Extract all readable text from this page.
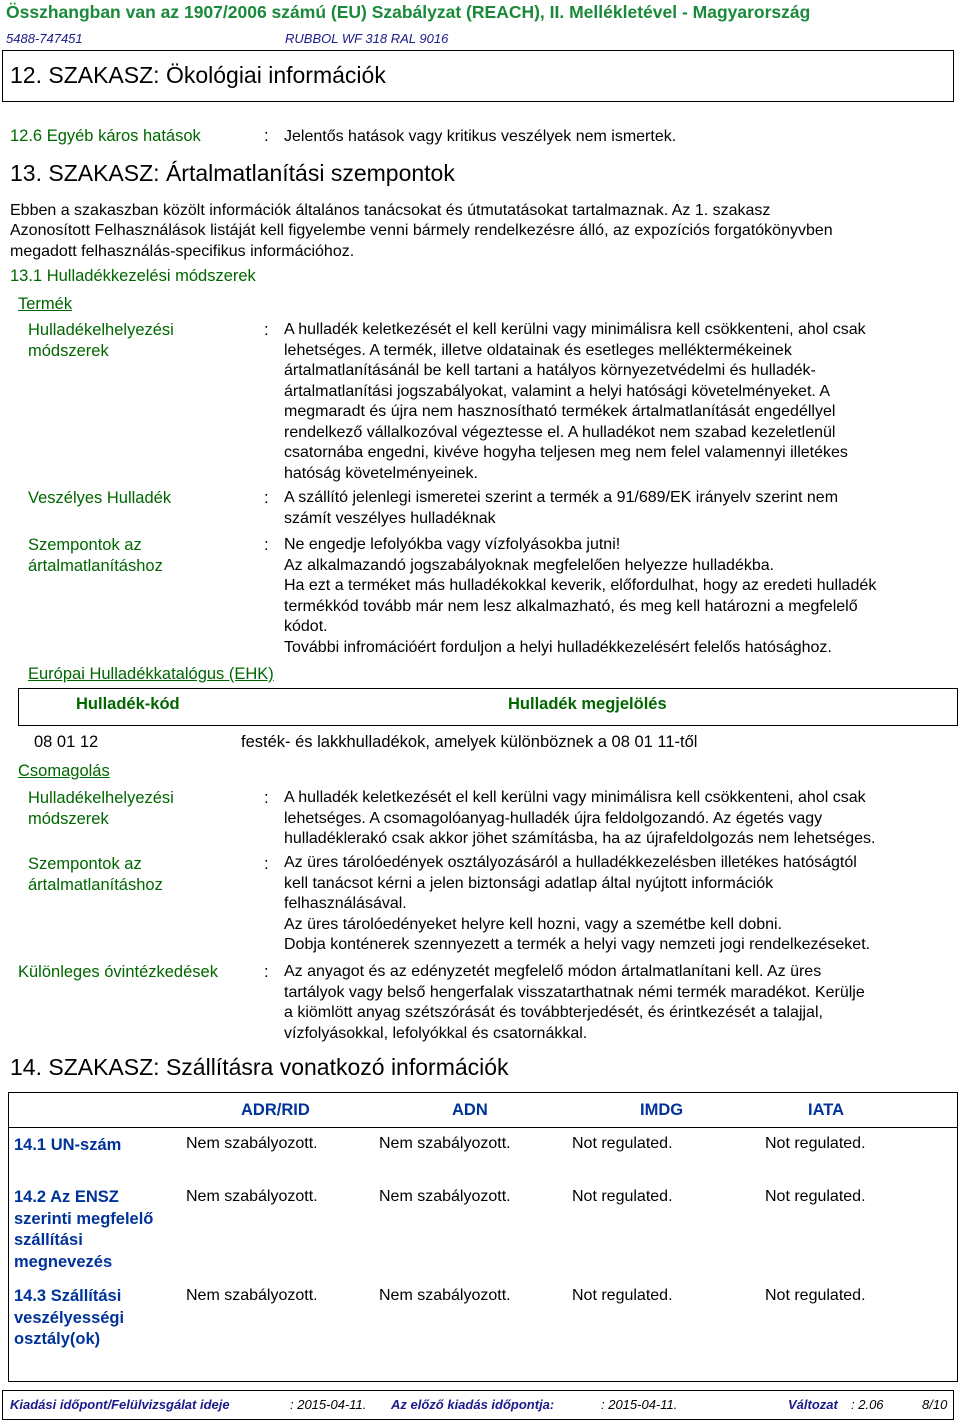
Összhangban van az 1907/2006 számú (EU) Szabályzat (REACH), II. Mellékletével - Magyarország
5488-747451	RUBBOL WF 318 RAL 9016
12. SZAKASZ: Ökológiai információk
12.6 Egyéb káros hatások	: Jelentős hatások vagy kritikus veszélyek nem ismertek.
13. SZAKASZ: Ártalmatlanítási szempontok
Ebben a szakaszban közölt információk általános tanácsokat és útmutatásokat tartalmaznak. Az 1. szakasz
Azonosított Felhasználások listáját kell figyelembe venni bármely rendelkezésre álló, az expozíciós forgatókönyvben
megadott felhasználás-specifikus információhoz.
13.1 Hulladékkezelési módszerek
Termék
Hulladékelhelyezési
módszerek
: A hulladék keletkezését el kell kerülni vagy minimálisra kell csökkenteni, ahol csak
lehetséges. A termék, illetve oldatainak és esetleges melléktermékeinek
ártalmatlanításánál be kell tartani a hatályos környezetvédelmi és hulladék-
ártalmatlanítási jogszabályokat, valamint a helyi hatósági követelményeket. A
megmaradt és újra nem hasznosítható termékek ártalmatlanítását engedéllyel
rendelkező vállalkozóval végeztesse el. A hulladékot nem szabad kezeletlenül
csatornába engedni, kivéve hogyha teljesen meg nem felel valamennyi illetékes
hatóság követelményeinek.
Veszélyes Hulladék	: A szállító jelenlegi ismeretei szerint a termék a 91/689/EK irányelv szerint nem
számít veszélyes hulladéknak
Szempontok az
ártalmatlanításhoz
: Ne engedje lefolyókba vagy vízfolyásokba jutni!
Az alkalmazandó jogszabályoknak megfelelően helyezze hulladékba.
Ha ezt a terméket más hulladékokkal keverik, előfordulhat, hogy az eredeti hulladék
termékkód tovább már nem lesz alkalmazható, és meg kell határozni a megfelelő
kódot.
További infromációért forduljon a helyi hulladékkezelésért felelős hatósághoz.
Európai Hulladékkatalógus (EHK)
Hulladék-kód	Hulladék megjelölés
08 01 12	festék- és lakkhulladékok, amelyek különböznek a 08 01 11-től
Csomagolás
Hulladékelhelyezési
módszerek
: A hulladék keletkezését el kell kerülni vagy minimálisra kell csökkenteni, ahol csak
lehetséges. A csomagolóanyag-hulladék újra feldolgozandó. Az égetés vagy
hulladéklerakó csak akkor jöhet számításba, ha az újrafeldolgozás nem lehetséges.
Szempontok az
ártalmatlanításhoz
: Az üres tárolóedények osztályozásáról a hulladékkezelésben illetékes hatóságtól
kell tanácsot kérni a jelen biztonsági adatlap által nyújtott információk
felhasználásával.
Az üres tárolóedényeket helyre kell hozni, vagy a szemétbe kell dobni.
Dobja konténerek szennyezett a termék a helyi vagy nemzeti jogi rendelkezéseket.
Különleges óvintézkedések	: Az anyagot és az edényzetét megfelelő módon ártalmatlanítani kell. Az üres
tartályok vagy belső hengerfalak visszatarthatnak némi termék maradékot. Kerülje
a kiömlött anyag szétszórását és továbbterjedését, és érintkezését a talajjal,
vízfolyásokkal, lefolyókkal és csatornákkal.
14. SZAKASZ: Szállításra vonatkozó információk
ADR/RID	ADN	IMDG	IATA
14.1 UN-szám	Nem szabályozott.	Nem szabályozott.	Not regulated.	Not regulated.
14.2 Az ENSZ
szerinti megfelelő
szállítási
megnevezés
Nem szabályozott.	Nem szabályozott.	Not regulated.	Not regulated.
14.3 Szállítási
veszélyességi
osztály(ok)
Nem szabályozott.	Nem szabályozott.	Not regulated.	Not regulated.
Kiadási időpont/Felülvizsgálat ideje	: 2015-04-11. Az előző kiadás időpontja:	: 2015-04-11.	Változat : 2.06	8/10
